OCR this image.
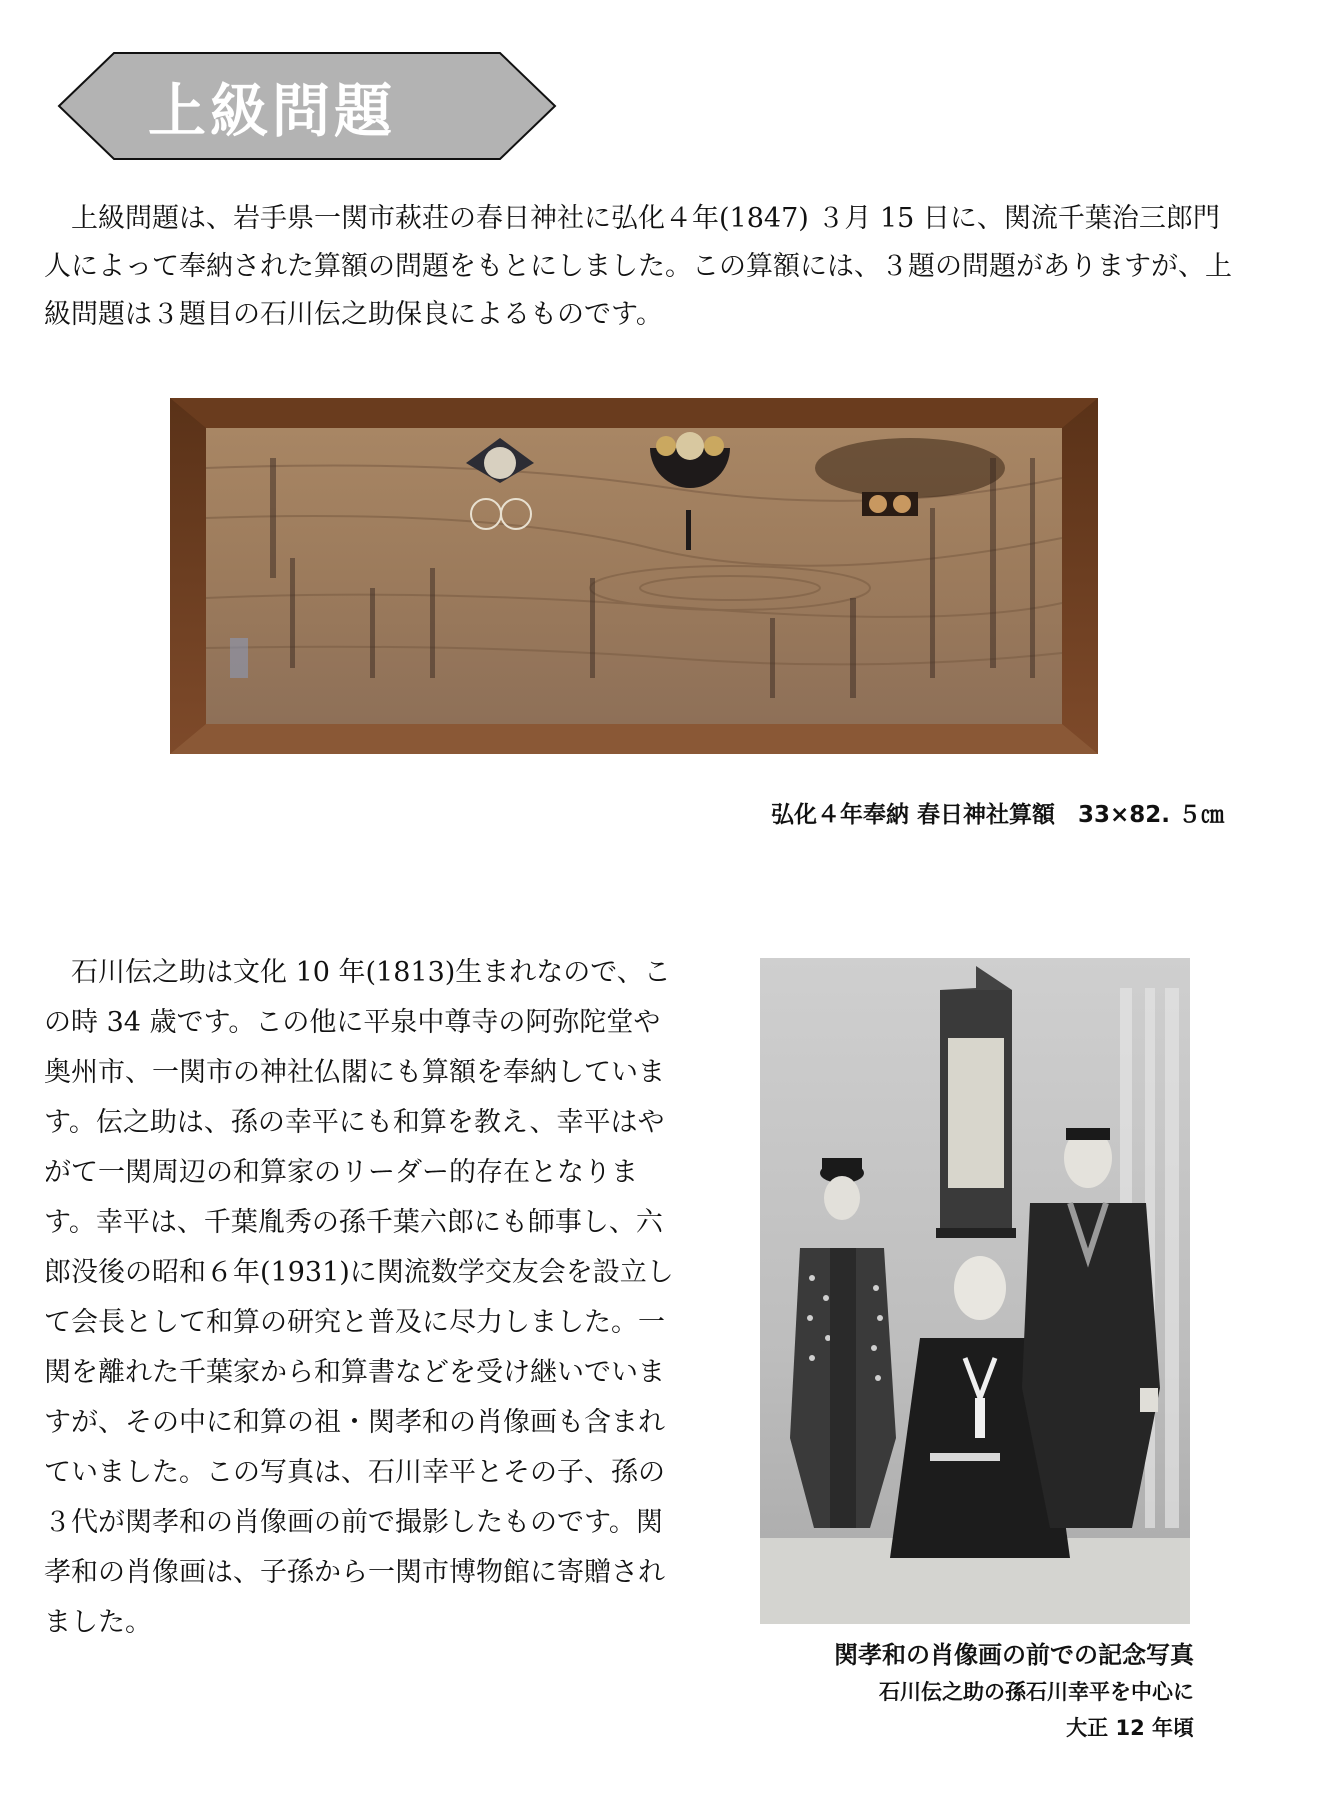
上級問題

　上級問題は、岩手県一関市萩荘の春日神社に弘化４年(1847) ３月 15 日に、関流千葉治三郎門人によって奉納された算額の問題をもとにしました。この算額には、３題の問題がありますが、上級問題は３題目の石川伝之助保良によるものです。

弘化４年奉納 春日神社算額　33×82. ５㎝

　石川伝之助は文化 10 年(1813)生まれなので、この時 34 歳です。この他に平泉中尊寺の阿弥陀堂や奥州市、一関市の神社仏閣にも算額を奉納しています。伝之助は、孫の幸平にも和算を教え、幸平はやがて一関周辺の和算家のリーダー的存在となります。幸平は、千葉胤秀の孫千葉六郎にも師事し、六郎没後の昭和６年(1931)に関流数学交友会を設立して会長として和算の研究と普及に尽力しました。一関を離れた千葉家から和算書などを受け継いでいますが、その中に和算の祖・関孝和の肖像画も含まれていました。この写真は、石川幸平とその子、孫の３代が関孝和の肖像画の前で撮影したものです。関孝和の肖像画は、子孫から一関市博物館に寄贈されました。

関孝和の肖像画の前での記念写真
石川伝之助の孫石川幸平を中心に
大正 12 年頃
